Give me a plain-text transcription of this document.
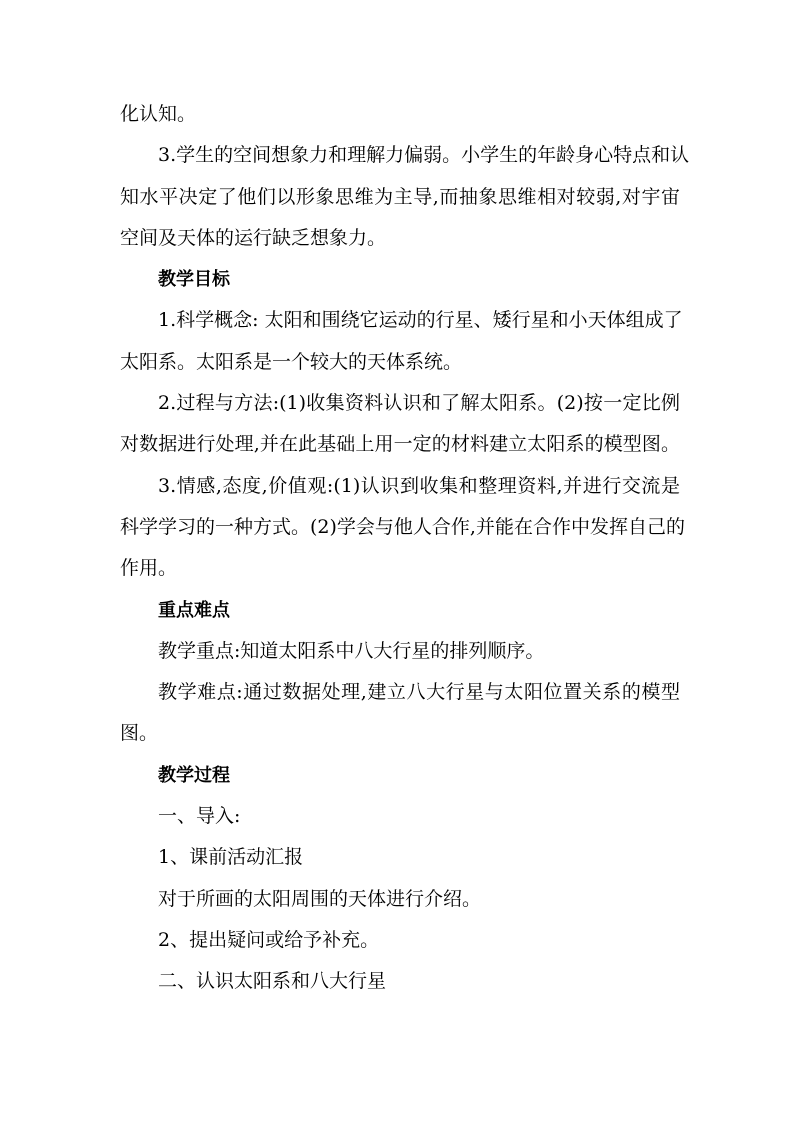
化认知。

3.学生的空间想象力和理解力偏弱。小学生的年龄身心特点和认

知水平决定了他们以形象思维为主导,而抽象思维相对较弱,对宇宙

空间及天体的运行缺乏想象力。

教学目标

1.科学概念: 太阳和围绕它运动的行星、矮行星和小天体组成了

太阳系。太阳系是一个较大的天体系统。

2.过程与方法:(1)收集资料认识和了解太阳系。(2)按一定比例

对数据进行处理,并在此基础上用一定的材料建立太阳系的模型图。

3.情感,态度,价值观:(1)认识到收集和整理资料,并进行交流是

科学学习的一种方式。(2)学会与他人合作,并能在合作中发挥自己的

作用。

重点难点

教学重点:知道太阳系中八大行星的排列顺序。

教学难点:通过数据处理,建立八大行星与太阳位置关系的模型

图。

教学过程

一、导入:

1、课前活动汇报

对于所画的太阳周围的天体进行介绍。

2、提出疑问或给予补充。

二、认识太阳系和八大行星
